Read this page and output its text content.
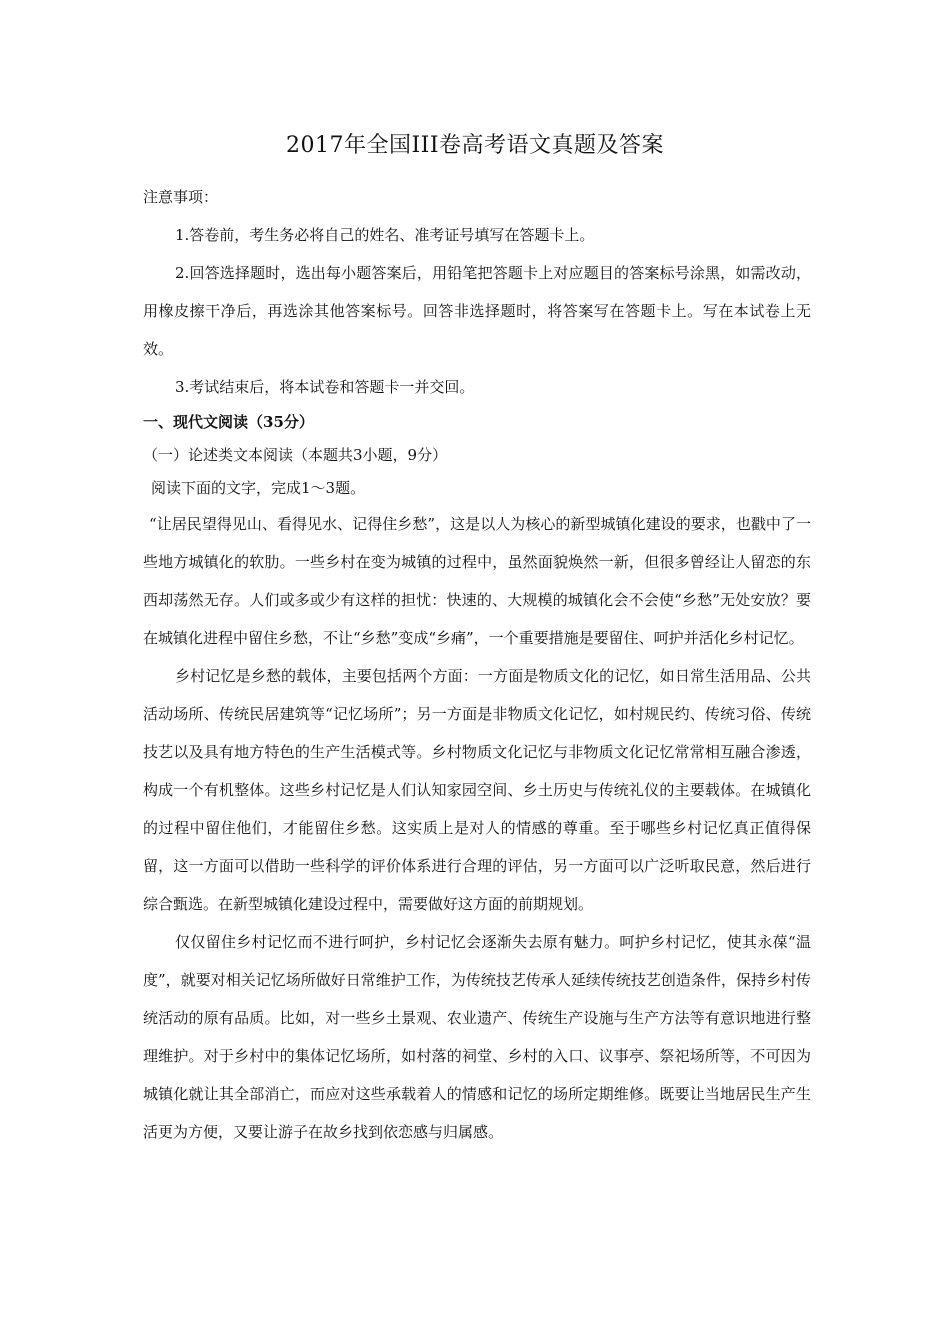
2017年全国III卷高考语文真题及答案

注意事项：

1.答卷前，考生务必将自己的姓名、准考证号填写在答题卡上。

2.回答选择题时，选出每小题答案后，用铅笔把答题卡上对应题目的答案标号涂黑，如需改动，用橡皮擦干净后，再选涂其他答案标号。回答非选择题时，将答案写在答题卡上。写在本试卷上无效。

3.考试结束后，将本试卷和答题卡一并交回。

一、现代文阅读（35分）

（一）论述类文本阅读（本题共3小题，9分）

阅读下面的文字，完成1～3题。

“让居民望得见山、看得见水、记得住乡愁”，这是以人为核心的新型城镇化建设的要求，也戳中了一些地方城镇化的软肋。一些乡村在变为城镇的过程中，虽然面貌焕然一新，但很多曾经让人留恋的东西却荡然无存。人们或多或少有这样的担忧：快速的、大规模的城镇化会不会使“乡愁”无处安放？要在城镇化进程中留住乡愁，不让“乡愁”变成“乡痛”，一个重要措施是要留住、呵护并活化乡村记忆。

乡村记忆是乡愁的载体，主要包括两个方面：一方面是物质文化的记忆，如日常生活用品、公共活动场所、传统民居建筑等“记忆场所”；另一方面是非物质文化记忆，如村规民约、传统习俗、传统技艺以及具有地方特色的生产生活模式等。乡村物质文化记忆与非物质文化记忆常常相互融合渗透，构成一个有机整体。这些乡村记忆是人们认知家园空间、乡土历史与传统礼仪的主要载体。在城镇化的过程中留住他们，才能留住乡愁。这实质上是对人的情感的尊重。至于哪些乡村记忆真正值得保留，这一方面可以借助一些科学的评价体系进行合理的评估，另一方面可以广泛听取民意，然后进行综合甄选。在新型城镇化建设过程中，需要做好这方面的前期规划。

仅仅留住乡村记忆而不进行呵护，乡村记忆会逐渐失去原有魅力。呵护乡村记忆，使其永葆“温度”，就要对相关记忆场所做好日常维护工作，为传统技艺传承人延续传统技艺创造条件，保持乡村传统活动的原有品质。比如，对一些乡土景观、农业遗产、传统生产设施与生产方法等有意识地进行整理维护。对于乡村中的集体记忆场所，如村落的祠堂、乡村的入口、议事亭、祭祀场所等，不可因为城镇化就让其全部消亡，而应对这些承载着人的情感和记忆的场所定期维修。既要让当地居民生产生活更为方便，又要让游子在故乡找到依恋感与归属感。
